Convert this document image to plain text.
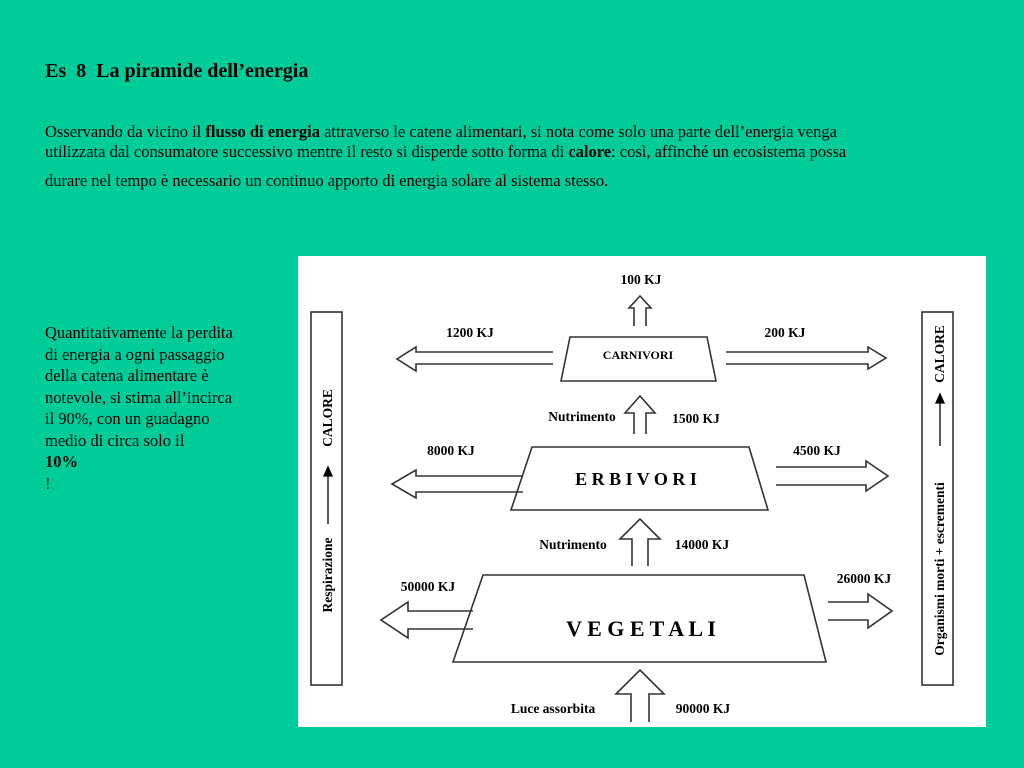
Es  8  La piramide dell’energia
Osservando da vicino il flusso di energia attraverso le catene alimentari, si nota come solo una parte dell’energia venga
utilizzata dal consumatore successivo mentre il resto si disperde sotto forma di calore: così, affinché un ecosistema possa
durare nel tempo è necessario un continuo apporto di energia solare al sistema stesso.
Quantitativamente la perdita
di energia a ogni passaggio
della catena alimentare è
notevole, si stima all’incirca
il 90%, con un guadagno
medio di circa solo il
10%
!
CARNIVORI
E R B I V O R I
V E G E T A L I
100 KJ
1200 KJ	200 KJ
Nutrimento	1500 KJ
8000 KJ	4500 KJ
Nutrimento	14000 KJ
50000 KJ
26000 KJ
Luce assorbita	90000 KJ
Respirazione
CALORE
Organismi morti + escrementi
CALORE
